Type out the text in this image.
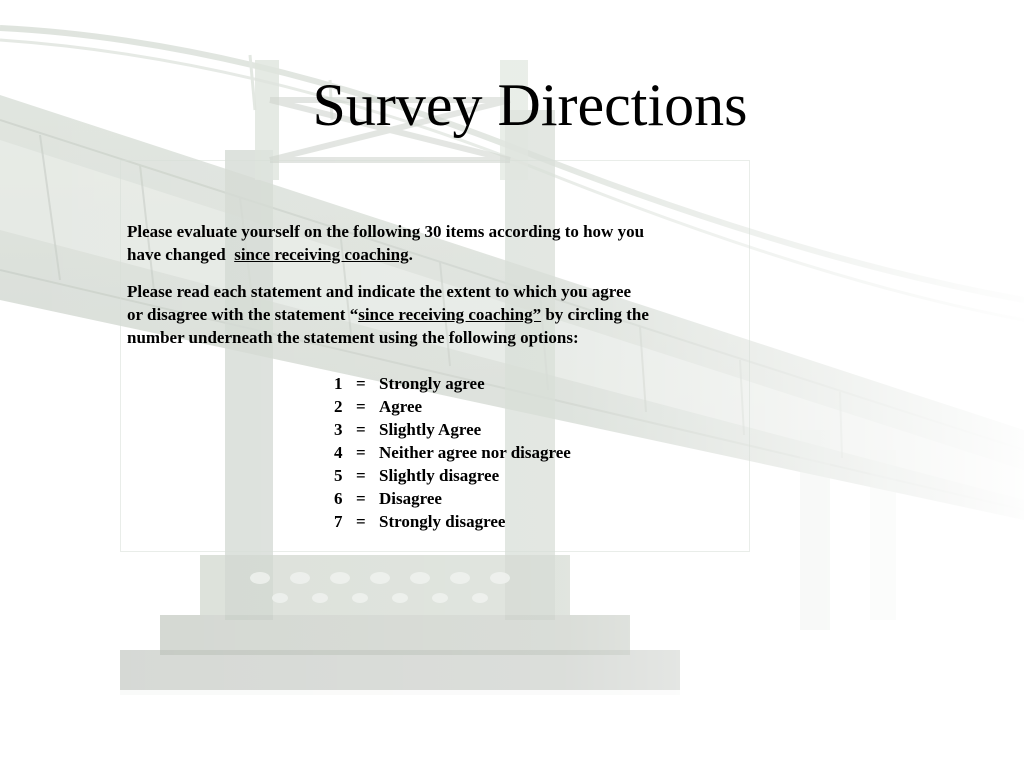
Survey Directions

Please evaluate yourself on the following 30 items according to how you
have changed  since receiving coaching.

Please read each statement and indicate the extent to which you agree
or disagree with the statement “since receiving coaching” by circling the
number underneath the statement using the following options:

1 = Strongly agree
2 = Agree
3 = Slightly Agree
4 = Neither agree nor disagree
5 = Slightly disagree
6 = Disagree
7 = Strongly disagree
